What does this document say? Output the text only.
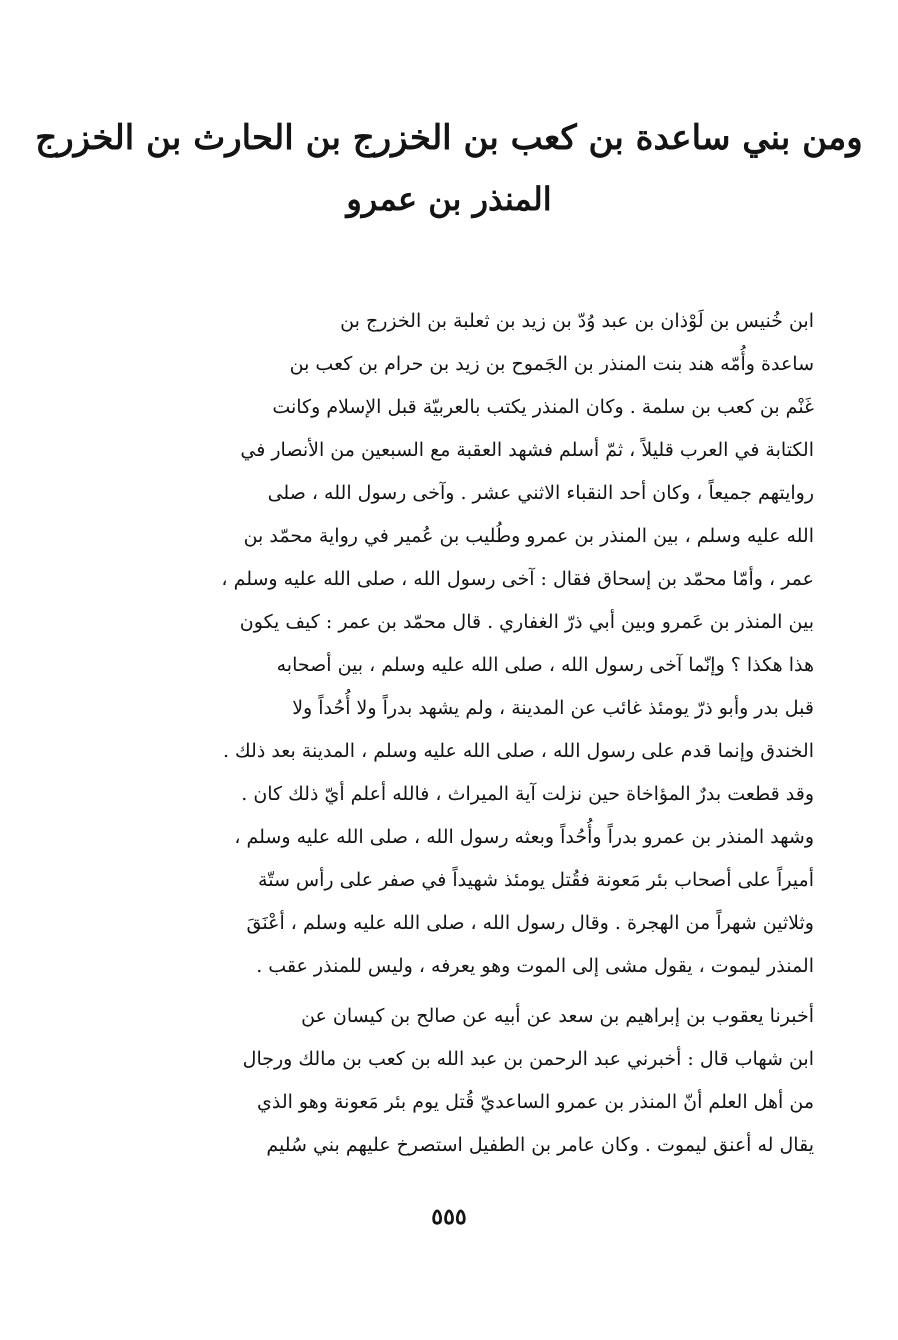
ومن بني ساعدة بن كعب بن الخزرج بن الحارث بن الخزرج
المنذر بن عمرو
ابن خُنيس بن لَوْذان بن عبد وُدّ بن زيد بن ثعلبة بن الخزرج بن
ساعدة وأُمّه هند بنت المنذر بن الجَموح بن زيد بن حرام بن كعب بن
غَنْم بن كعب بن سلمة . وكان المنذر يكتب بالعربيّة قبل الإسلام وكانت
الكتابة في العرب قليلاً ، ثمّ أسلم فشهد العقبة مع السبعين من الأنصار في
روايتهم جميعاً ، وكان أحد النقباء الاثني عشر . وآخى رسول الله ، صلى
الله عليه وسلم ، بين المنذر بن عمرو وطُليب بن عُمير في رواية محمّد بن
عمر ، وأمّا محمّد بن إسحاق فقال : آخى رسول الله ، صلى الله عليه وسلم ،
بين المنذر بن عَمرو وبين أبي ذرّ الغفاري . قال محمّد بن عمر : كيف يكون
هذا هكذا ؟ وإنّما آخى رسول الله ، صلى الله عليه وسلم ، بين أصحابه
قبل بدر وأبو ذرّ يومئذ غائب عن المدينة ، ولم يشهد بدراً ولا أُحُداً ولا
الخندق وإنما قدم على رسول الله ، صلى الله عليه وسلم ، المدينة بعد ذلك .
وقد قطعت بدرٌ المؤاخاة حين نزلت آية الميراث ، فالله أعلم أيّ ذلك كان .
وشهد المنذر بن عمرو بدراً وأُحُداً وبعثه رسول الله ، صلى الله عليه وسلم ،
أميراً على أصحاب بئر مَعونة فقُتل يومئذ شهيداً في صفر على رأس ستّة
وثلاثين شهراً من الهجرة . وقال رسول الله ، صلى الله عليه وسلم ، أعْنَقَ
المنذر ليموت ، يقول مشى إلى الموت وهو يعرفه ، وليس للمنذر عقب .
أخبرنا يعقوب بن إبراهيم بن سعد عن أبيه عن صالح بن كيسان عن
ابن شهاب قال : أخبرني عبد الرحمن بن عبد الله بن كعب بن مالك ورجال
من أهل العلم أنّ المنذر بن عمرو الساعديّ قُتل يوم بئر مَعونة وهو الذي
يقال له أعنق ليموت . وكان عامر بن الطفيل استصرخ عليهم بني سُليم
٥٥٥
